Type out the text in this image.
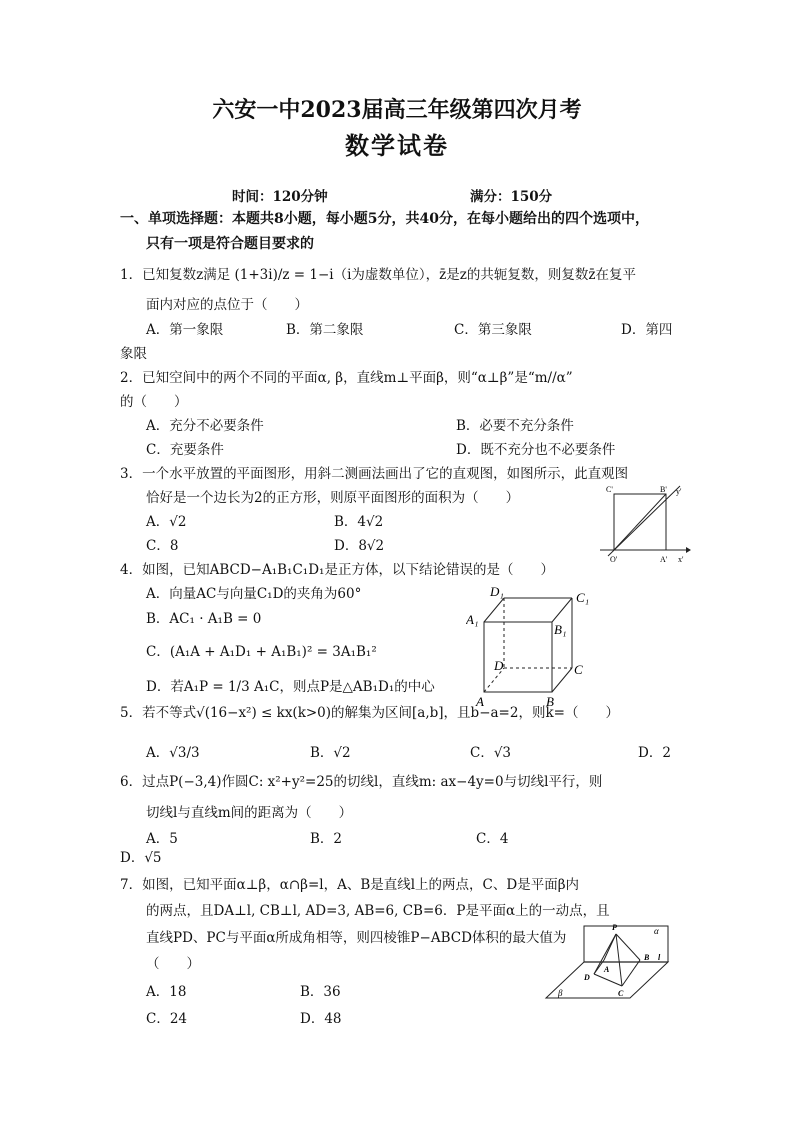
六安一中2023届高三年级第四次月考
数学试卷
时间：120分钟	满分：150分
一、单项选择题：本题共8小题，每小题5分，共40分，在每小题给出的四个选项中，
只有一项是符合题目要求的
1．已知复数z满足 (1+3i)/z = 1−i（i为虚数单位），z̄是z的共轭复数，则复数z̄在复平
面内对应的点位于（　　）
A．第一象限	B．第二象限	C．第三象限	D．第四
象限
2．已知空间中的两个不同的平面α, β，直线m⊥平面β，则“α⊥β”是“m//α”
的（　　）
A．充分不必要条件	B．必要不充分条件
C．充要条件	D．既不充分也不必要条件
3．一个水平放置的平面图形，用斜二测画法画出了它的直观图，如图所示，此直观图
恰好是一个边长为2的正方形，则原平面图形的面积为（　　）
A．√2	B．4√2
C．8	D．8√2
C'	B' y'
O'	A' x'
4．如图，已知ABCD−A₁B₁C₁D₁是正方体，以下结论错误的是（　　）
A．向量AC与向量C₁D的夹角为60°
B．AC₁ · A₁B = 0
C．(A₁A + A₁D₁ + A₁B₁)² = 3A₁B₁²
D．若A₁P = 1/3 A₁C，则点P是△AB₁D₁的中心
D₁	C₁
A₁
B₁
D	C
A	B
5．若不等式√(16−x²) ≤ kx(k>0)的解集为区间[a,b]，且b−a=2，则k=（　　）
A．√3/3	B．√2	C．√3	D．2
6．过点P(−3,4)作圆C: x²+y²=25的切线l，直线m: ax−4y=0与切线l平行，则
切线l与直线m间的距离为（　　）
A．5	B．2	C．4
D．√5
7．如图，已知平面α⊥β，α∩β=l，A、B是直线l上的两点，C、D是平面β内
的两点，且DA⊥l, CB⊥l, AD=3, AB=6, CB=6．P是平面α上的一动点，且
直线PD、PC与平面α所成角相等，则四棱锥P−ABCD体积的最大值为
（　　）
A．18	B．36
C．24	D．48
P
A
B l
D
C
α
β
